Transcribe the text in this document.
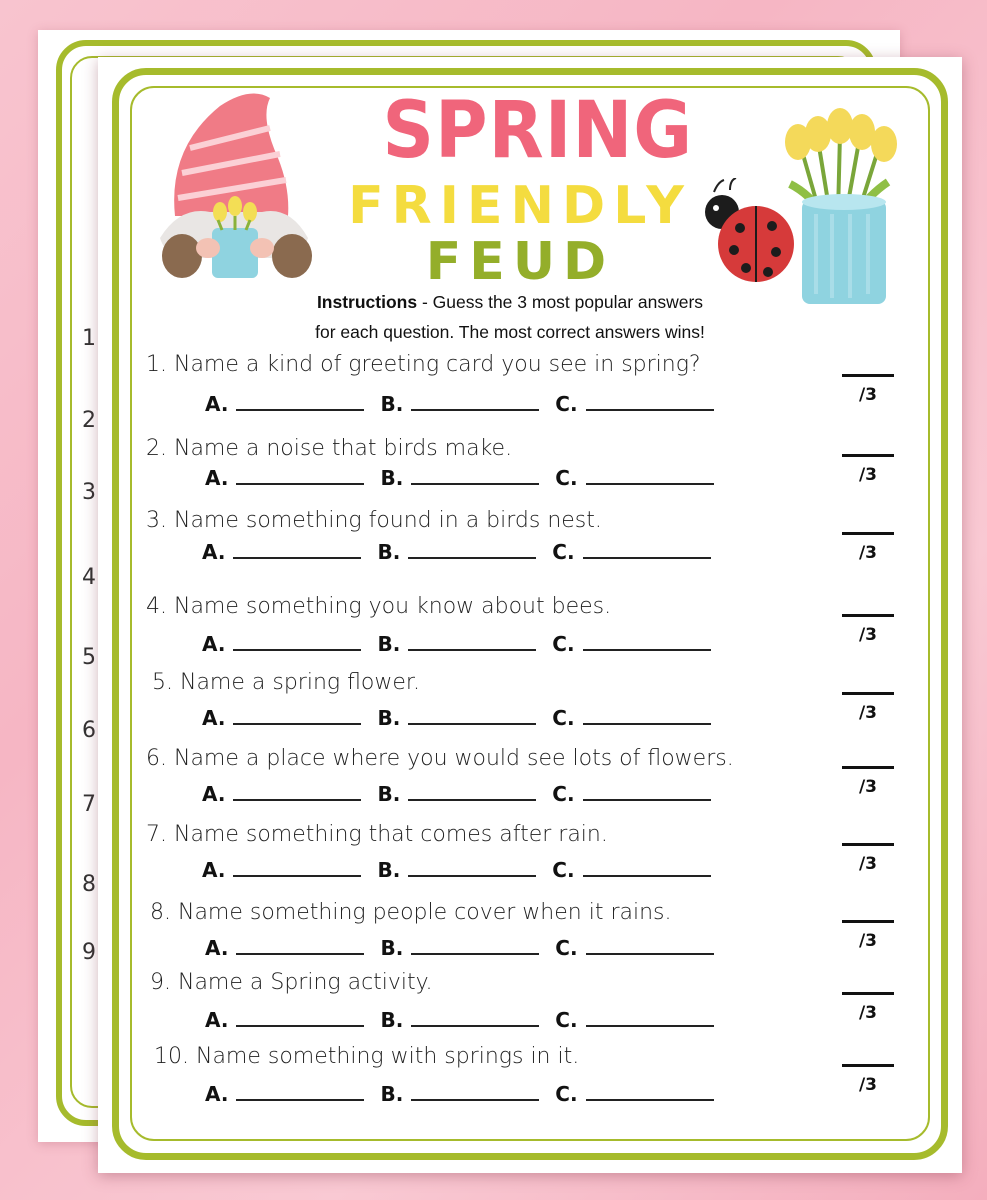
1
2
3
4
5
6
7
8
9
SPRING
FRIENDLY
FEUD
Instructions - Guess the 3 most popular answers
for each question. The most correct answers wins!
1. Name a kind of greeting card you see in spring?
A.	B.	C.	/3
2. Name a noise that birds make.
A.	B.	C.	/3
3. Name something found in a birds nest.
A.	B.	C.	/3
4. Name something you know about bees.
A.	B.	C.	/3
5. Name a spring flower.
A.	B.	C.	/3
6. Name a place where you would see lots of flowers.
A.	B.	C.	/3
7. Name something that comes after rain.
A.	B.	C.	/3
8. Name something people cover when it rains.
A.	B.	C.	/3
9. Name a Spring activity.
A.	B.	C.	/3
10. Name something with springs in it.
A.	B.	C.	/3
